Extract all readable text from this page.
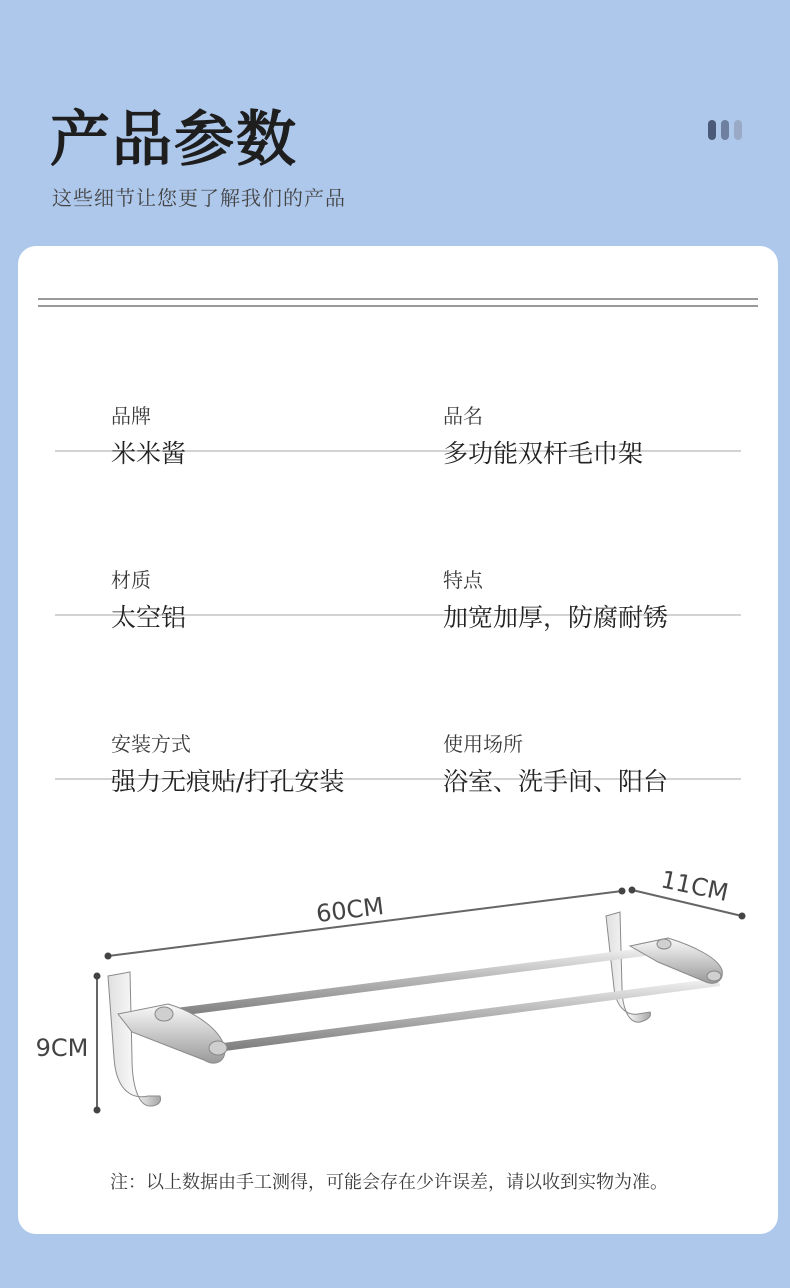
产品参数
这些细节让您更了解我们的产品
品牌
米米酱
品名
多功能双杆毛巾架
材质
太空铝
特点
加宽加厚，防腐耐锈
安装方式
强力无痕贴/打孔安装
使用场所
浴室、洗手间、阳台
60CM
11CM
9CM
注：以上数据由手工测得，可能会存在少许误差，请以收到实物为准。
